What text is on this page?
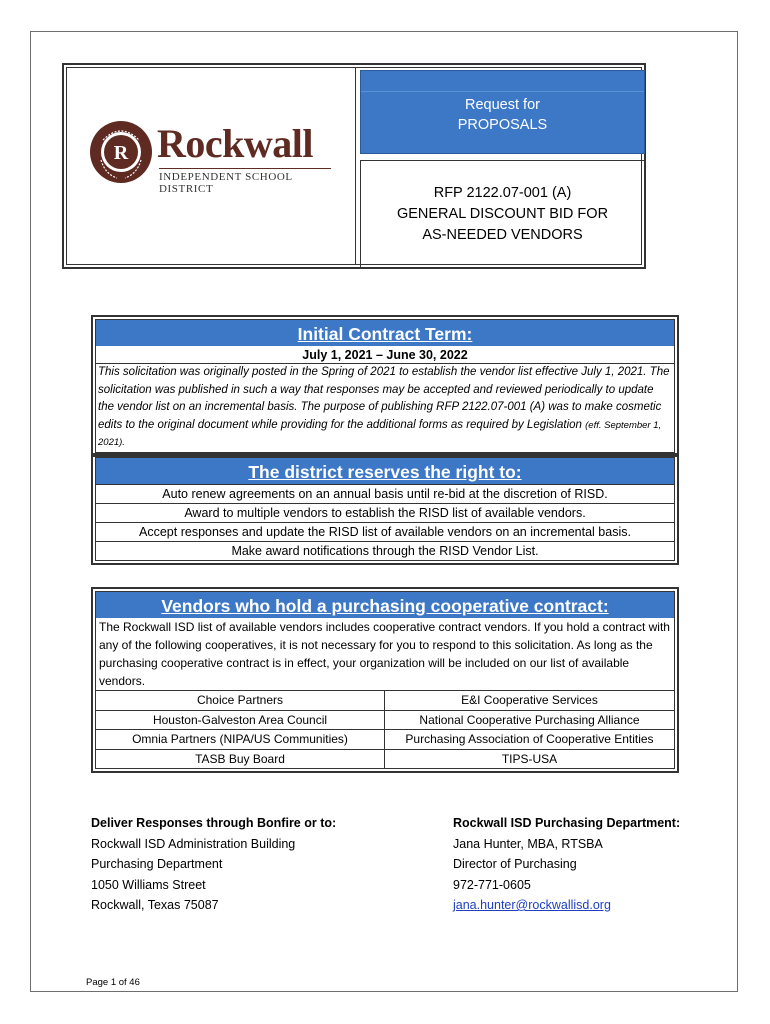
R Rockwall
INDEPENDENT SCHOOL DISTRICT
Request for
PROPOSALS
RFP 2122.07-001 (A)
GENERAL DISCOUNT BID FOR
AS-NEEDED VENDORS
Initial Contract Term:
July 1, 2021 – June 30, 2022
This solicitation was originally posted in the Spring of 2021 to establish the vendor list effective July 1, 2021. The solicitation was published in such a way that responses may be accepted and reviewed periodically to update the vendor list on an incremental basis. The purpose of publishing RFP 2122.07-001 (A) was to make cosmetic edits to the original document while providing for the additional forms as required by Legislation (eff. September 1, 2021).
The district reserves the right to:
Auto renew agreements on an annual basis until re-bid at the discretion of RISD.
Award to multiple vendors to establish the RISD list of available vendors.
Accept responses and update the RISD list of available vendors on an incremental basis.
Make award notifications through the RISD Vendor List.
Vendors who hold a purchasing cooperative contract:
The Rockwall ISD list of available vendors includes cooperative contract vendors. If you hold a contract with any of the following cooperatives, it is not necessary for you to respond to this solicitation. As long as the purchasing cooperative contract is in effect, your organization will be included on our list of available vendors.
Choice Partners	E&I Cooperative Services
Houston-Galveston Area Council	National Cooperative Purchasing Alliance
Omnia Partners (NIPA/US Communities)	Purchasing Association of Cooperative Entities
TASB Buy Board	TIPS-USA
Deliver Responses through Bonfire or to:
Rockwall ISD Administration Building
Purchasing Department
1050 Williams Street
Rockwall, Texas 75087
Rockwall ISD Purchasing Department:
Jana Hunter, MBA, RTSBA
Director of Purchasing
972-771-0605
jana.hunter@rockwallisd.org
Page 1 of 46
